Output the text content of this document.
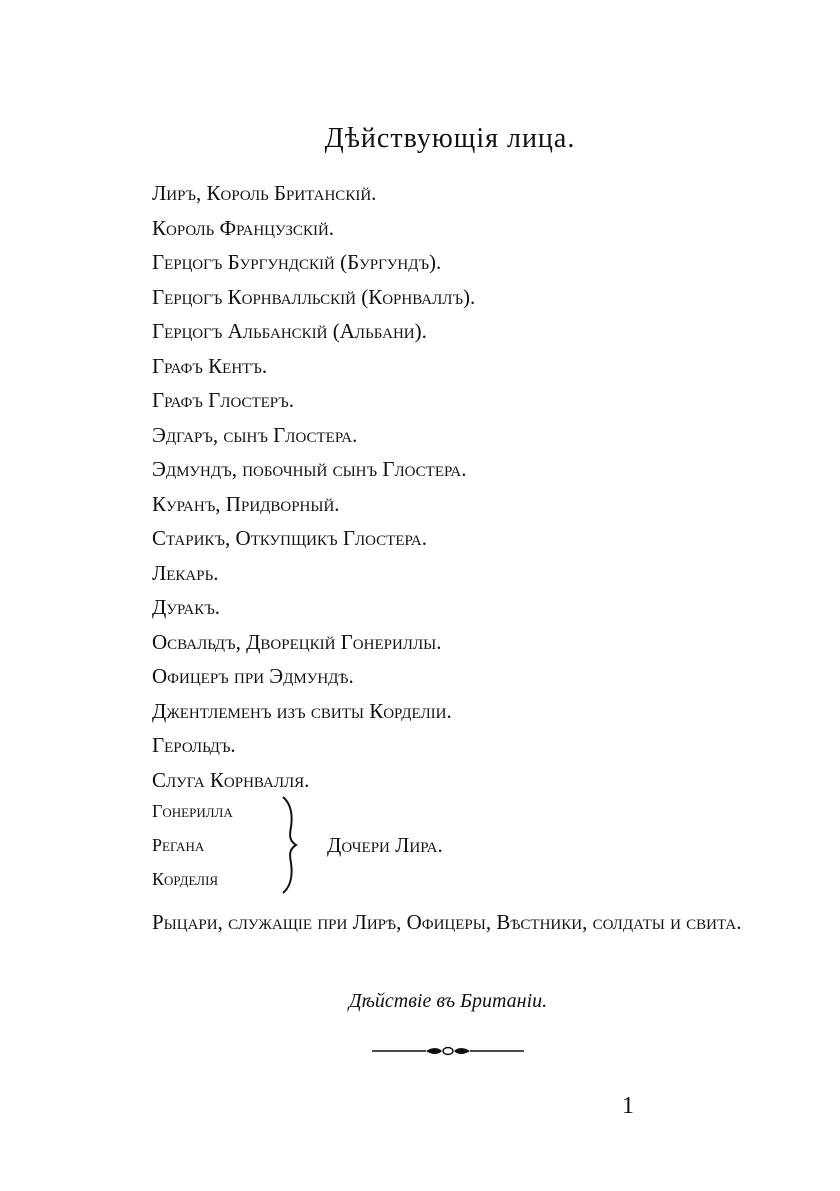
Дѣйствующія лица.
Лиръ, Король Британскій.
Король Французскій.
Герцогъ Бургундскій (Бургундъ).
Герцогъ Корнвалльскій (Корнваллъ).
Герцогъ Альбанскій (Альбани).
Графъ Кентъ.
Графъ Глостеръ.
Эдгаръ, сынъ Глостера.
Эдмундъ, побочный сынъ Глостера.
Куранъ, Придворный.
Старикъ, Откупщикъ Глостера.
Лекарь.
Дуракъ.
Освальдъ, Дворецкій Гонериллы.
Офицеръ при Эдмундѣ.
Джентлеменъ изъ свиты Корделіи.
Герольдъ.
Слуга Корнвалля.
Гонерилла
Регана
Корделія
Дочери Лира.
Рыцари, служащіе при Лирѣ, Офицеры, Вѣстники, солдаты и свита.
Дѣйствіе въ Британіи.
1
